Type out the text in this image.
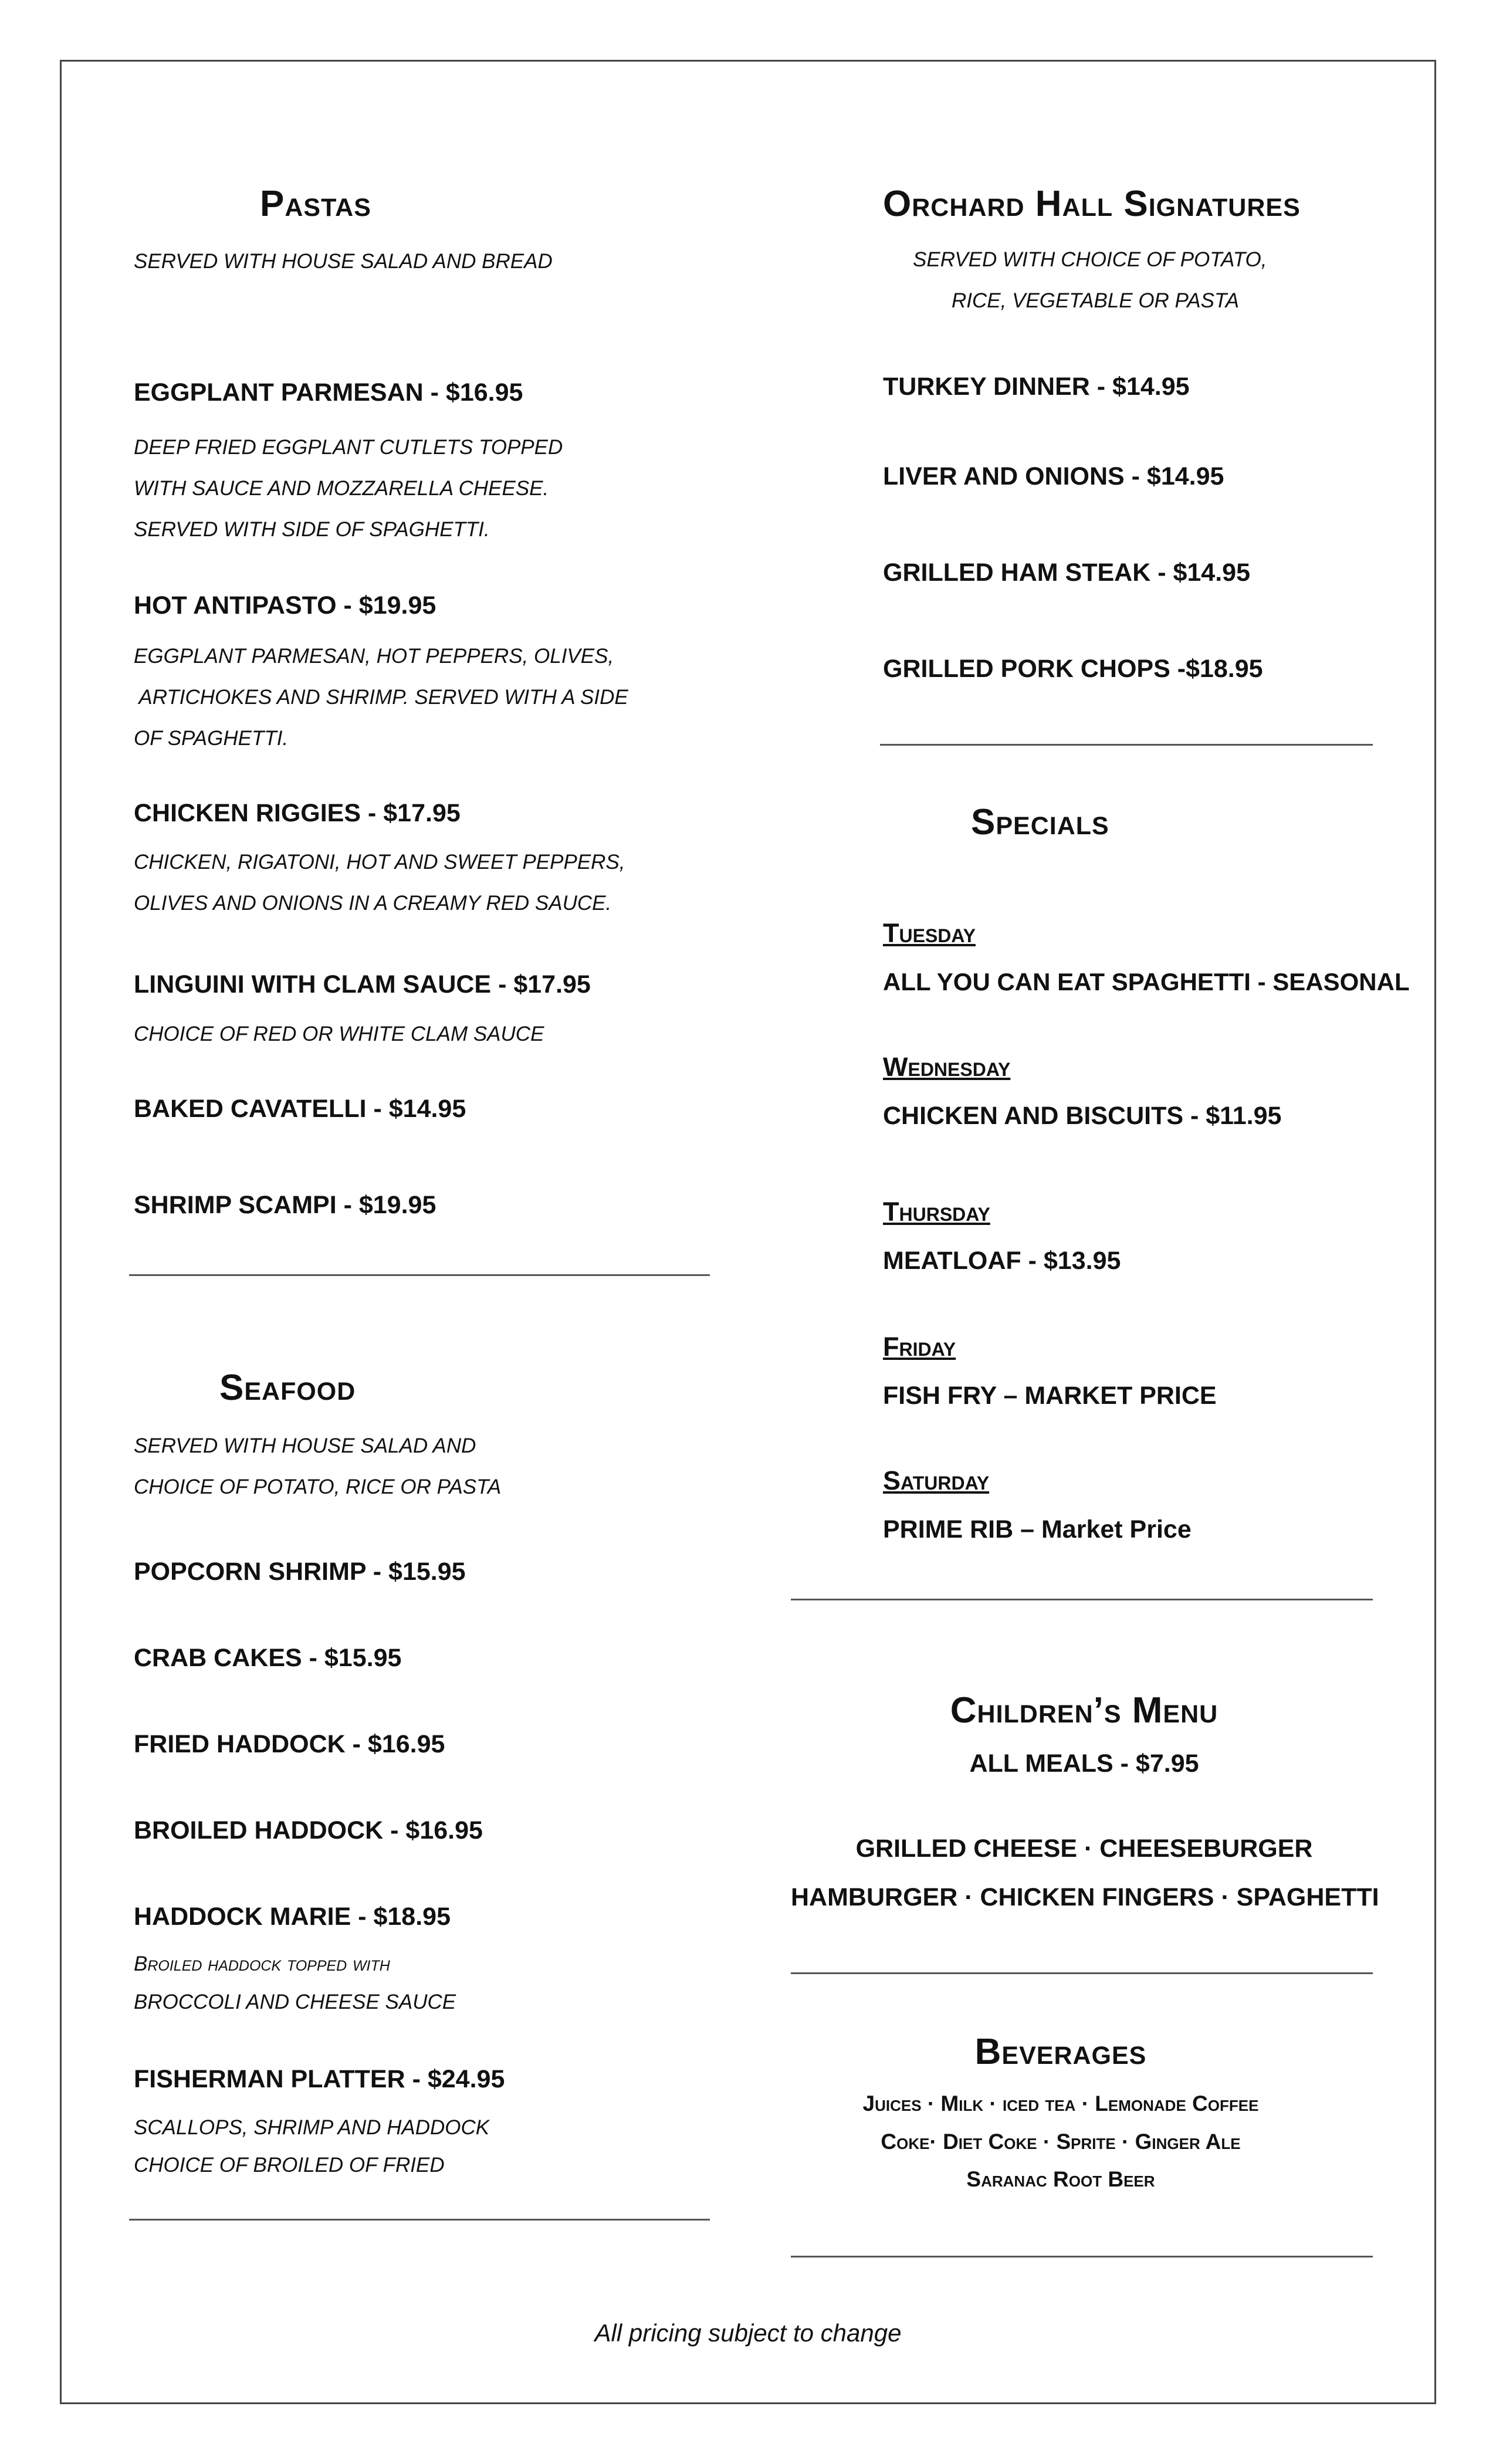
Pastas
SERVED WITH HOUSE SALAD AND BREAD
EGGPLANT PARMESAN - $16.95
DEEP FRIED EGGPLANT CUTLETS TOPPED
WITH SAUCE AND MOZZARELLA CHEESE.
SERVED WITH SIDE OF SPAGHETTI.
HOT ANTIPASTO - $19.95
EGGPLANT PARMESAN, HOT PEPPERS, OLIVES,
ARTICHOKES AND SHRIMP. SERVED WITH A SIDE
OF SPAGHETTI.
CHICKEN RIGGIES - $17.95
CHICKEN, RIGATONI, HOT AND SWEET PEPPERS,
OLIVES AND ONIONS IN A CREAMY RED SAUCE.
LINGUINI WITH CLAM SAUCE - $17.95
CHOICE OF RED OR WHITE CLAM SAUCE
BAKED CAVATELLI - $14.95
SHRIMP SCAMPI - $19.95
Seafood
SERVED WITH HOUSE SALAD AND
CHOICE OF POTATO, RICE OR PASTA
POPCORN SHRIMP - $15.95
CRAB CAKES - $15.95
FRIED HADDOCK - $16.95
BROILED HADDOCK - $16.95
HADDOCK MARIE - $18.95
Broiled haddock topped with
BROCCOLI AND CHEESE SAUCE
FISHERMAN PLATTER - $24.95
SCALLOPS, SHRIMP AND HADDOCK
CHOICE OF BROILED OF FRIED
Orchard Hall Signatures
SERVED WITH CHOICE OF POTATO,
RICE, VEGETABLE OR PASTA
TURKEY DINNER - $14.95
LIVER AND ONIONS - $14.95
GRILLED HAM STEAK - $14.95
GRILLED PORK CHOPS -$18.95
Specials
Tuesday
ALL YOU CAN EAT SPAGHETTI - SEASONAL
Wednesday
CHICKEN AND BISCUITS - $11.95
Thursday
MEATLOAF - $13.95
Friday
FISH FRY – MARKET PRICE
Saturday
PRIME RIB – Market Price
Children’s Menu
ALL MEALS - $7.95
GRILLED CHEESE · CHEESEBURGER
HAMBURGER · CHICKEN FINGERS · SPAGHETTI
Beverages
Juices · Milk · iced tea · Lemonade Coffee
Coke· Diet Coke · Sprite · Ginger Ale
Saranac Root Beer
All pricing subject to change
